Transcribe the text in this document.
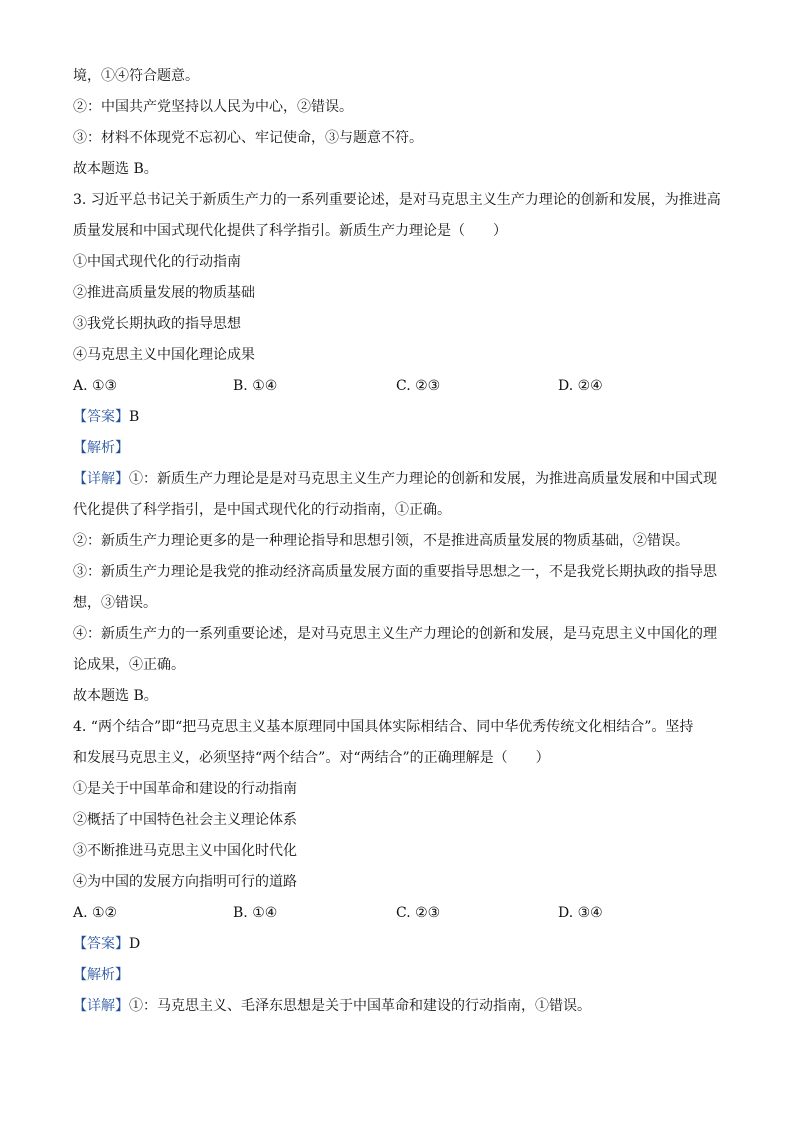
境，①④符合题意。
②：中国共产党坚持以人民为中心，②错误。
③：材料不体现党不忘初心、牢记使命，③与题意不符。
故本题选 B。
3. 习近平总书记关于新质生产力的一系列重要论述，是对马克思主义生产力理论的创新和发展，为推进高
质量发展和中国式现代化提供了科学指引。新质生产力理论是（　　）
①中国式现代化的行动指南
②推进高质量发展的物质基础
③我党长期执政的指导思想
④马克思主义中国化理论成果
A. ①③	B. ①④	C. ②③	D. ②④
【答案】B
【解析】
【详解】①：新质生产力理论是是对马克思主义生产力理论的创新和发展，为推进高质量发展和中国式现
代化提供了科学指引，是中国式现代化的行动指南，①正确。
②：新质生产力理论更多的是一种理论指导和思想引领，不是推进高质量发展的物质基础，②错误。
③：新质生产力理论是我党的推动经济高质量发展方面的重要指导思想之一，不是我党长期执政的指导思
想，③错误。
④：新质生产力的一系列重要论述，是对马克思主义生产力理论的创新和发展，是马克思主义中国化的理
论成果，④正确。
故本题选 B。
4. “两个结合”即“把马克思主义基本原理同中国具体实际相结合、同中华优秀传统文化相结合”。坚持
和发展马克思主义，必须坚持“两个结合”。对“两结合”的正确理解是（　　）
①是关于中国革命和建设的行动指南
②概括了中国特色社会主义理论体系
③不断推进马克思主义中国化时代化
④为中国的发展方向指明可行的道路
A. ①②	B. ①④	C. ②③	D. ③④
【答案】D
【解析】
【详解】①：马克思主义、毛泽东思想是关于中国革命和建设的行动指南，①错误。
